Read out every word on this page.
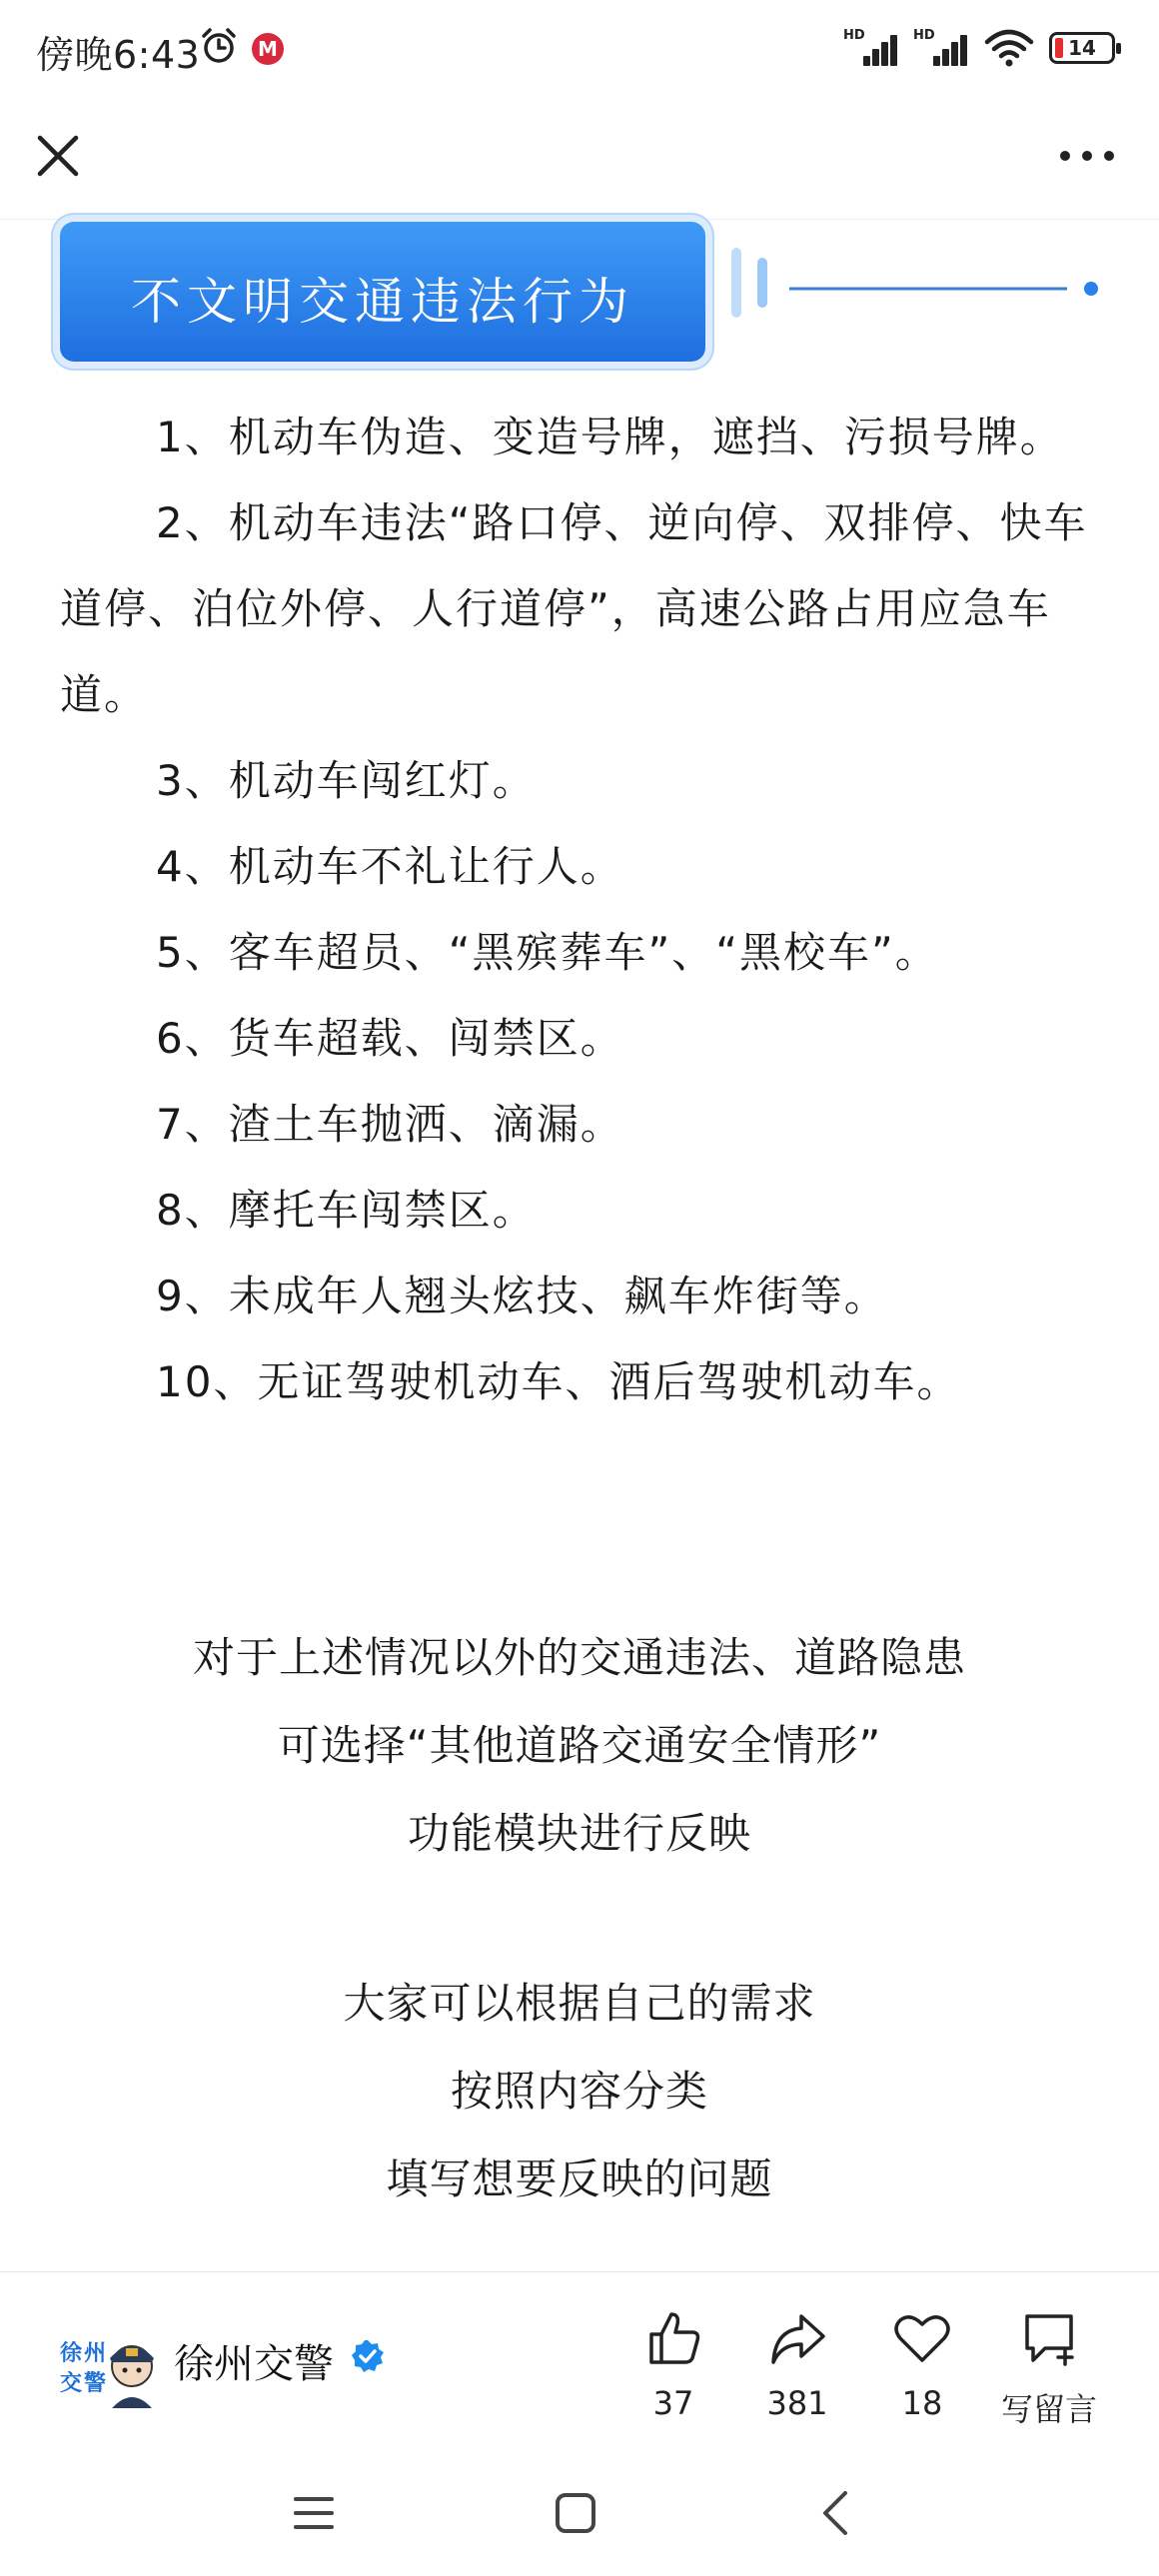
傍晚6:43	M
HD	HD
14
不文明交通违法行为

1、机动车伪造、变造号牌，遮挡、污损号牌。

2、机动车违法“路口停、逆向停、双排停、快车道停、泊位外停、人行道停”，高速公路占用应急车道。

3、机动车闯红灯。

4、机动车不礼让行人。

5、客车超员、“黑殡葬车”、“黑校车”。

6、货车超载、闯禁区。

7、渣土车抛洒、滴漏。

8、摩托车闯禁区。

9、未成年人翘头炫技、飙车炸街等。

10、无证驾驶机动车、酒后驾驶机动车。

对于上述情况以外的交通违法、道路隐患

可选择“其他道路交通安全情形”

功能模块进行反映

大家可以根据自己的需求

按照内容分类

填写想要反映的问题

徐 州
交 警 徐州交警
37	381	18	写留言
